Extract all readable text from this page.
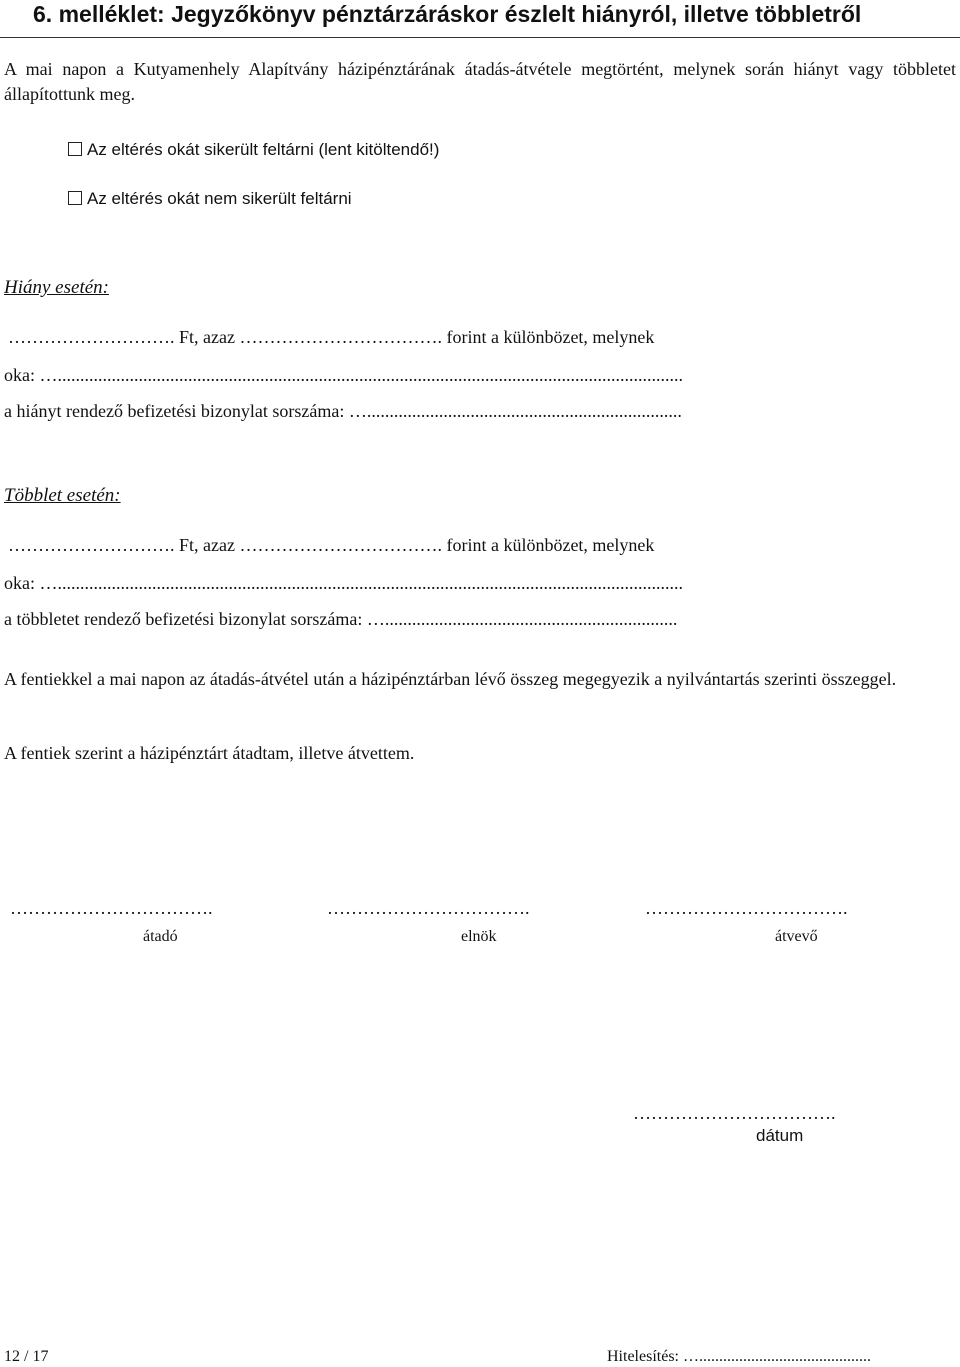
6. melléklet: Jegyzőkönyv pénztárzáráskor észlelt hiányról, illetve többletről
A mai napon a Kutyamenhely Alapítvány házipénztárának átadás-átvétele megtörtént, melynek során hiányt vagy többletet állapítottunk meg.
Az eltérés okát sikerült feltárni (lent kitöltendő!)
Az eltérés okát nem sikerült feltárni
Hiány esetén:
………………………. Ft, azaz ……………………………. forint a különbözet, melynek
oka: …...........................................................................................................................................
a hiányt rendező befizetési bizonylat sorszáma: …......................................................................
Többlet esetén:
………………………. Ft, azaz ……………………………. forint a különbözet, melynek
oka: …...........................................................................................................................................
a többletet rendező befizetési bizonylat sorszáma: ….................................................................
A fentiekkel a mai napon az átadás-átvétel után a házipénztárban lévő összeg megegyezik a nyilvántartás szerinti összeggel.
A fentiek szerint a házipénztárt átadtam, illetve átvettem.
…………………………….	…………………………….	…………………………….
átadó	elnök	átvevő
…………………………….
dátum
12 / 17	Hitelesítés: …...........................................
